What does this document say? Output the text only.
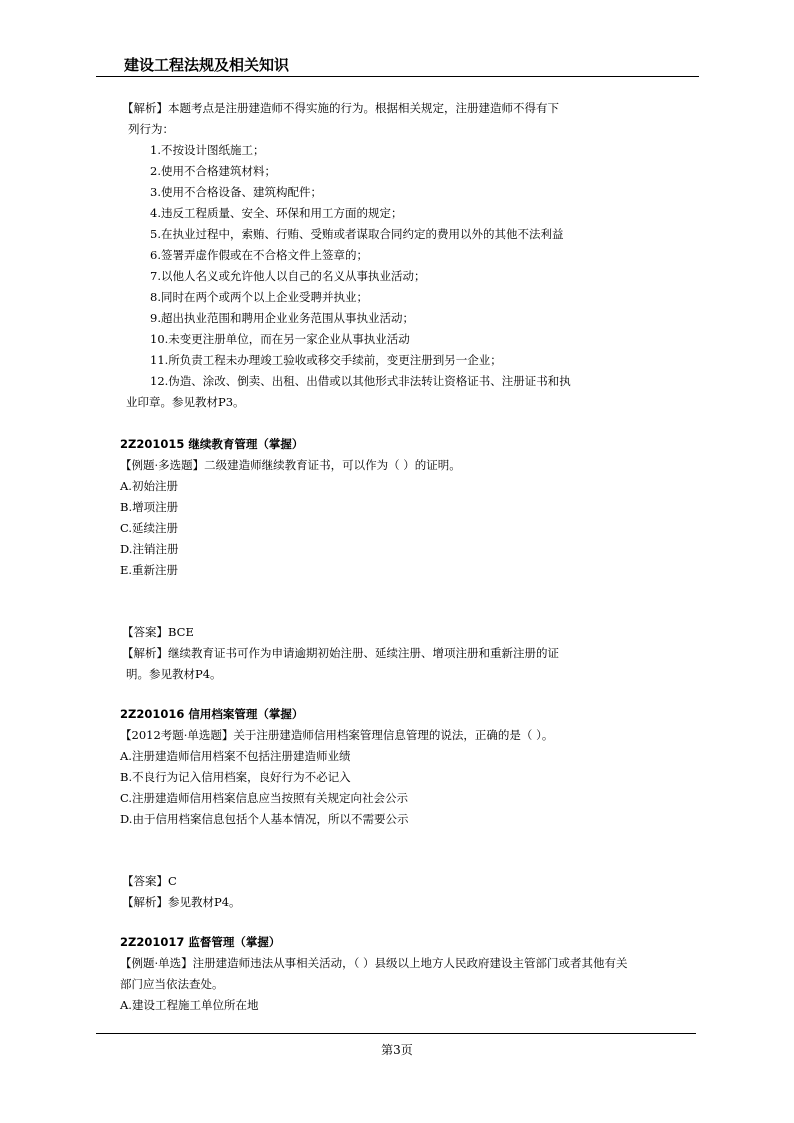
建设工程法规及相关知识
【解析】本题考点是注册建造师不得实施的行为。根据相关规定，注册建造师不得有下
列行为：
1.不按设计图纸施工；
2.使用不合格建筑材料；
3.使用不合格设备、建筑构配件；
4.违反工程质量、安全、环保和用工方面的规定；
5.在执业过程中，索贿、行贿、受贿或者谋取合同约定的费用以外的其他不法利益
6.签署弄虚作假或在不合格文件上签章的；
7.以他人名义或允许他人以自己的名义从事执业活动；
8.同时在两个或两个以上企业受聘并执业；
9.超出执业范围和聘用企业业务范围从事执业活动；
10.未变更注册单位，而在另一家企业从事执业活动
11.所负责工程未办理竣工验收或移交手续前，变更注册到另一企业；
12.伪造、涂改、倒卖、出租、出借或以其他形式非法转让资格证书、注册证书和执
业印章。参见教材P3。
2Z201015 继续教育管理（掌握）
【例题·多选题】二级建造师继续教育证书，可以作为（ ）的证明。
A.初始注册
B.增项注册
C.延续注册
D.注销注册
E.重新注册
【答案】BCE
【解析】继续教育证书可作为申请逾期初始注册、延续注册、增项注册和重新注册的证
明。参见教材P4。
2Z201016 信用档案管理（掌握）
【2012考题·单选题】关于注册建造师信用档案管理信息管理的说法，正确的是（ ）。
A.注册建造师信用档案不包括注册建造师业绩
B.不良行为记入信用档案，良好行为不必记入
C.注册建造师信用档案信息应当按照有关规定向社会公示
D.由于信用档案信息包括个人基本情况，所以不需要公示
【答案】C
【解析】参见教材P4。
2Z201017 监督管理（掌握）
【例题·单选】注册建造师违法从事相关活动，（ ）县级以上地方人民政府建设主管部门或者其他有关
部门应当依法查处。
A.建设工程施工单位所在地
第3页
